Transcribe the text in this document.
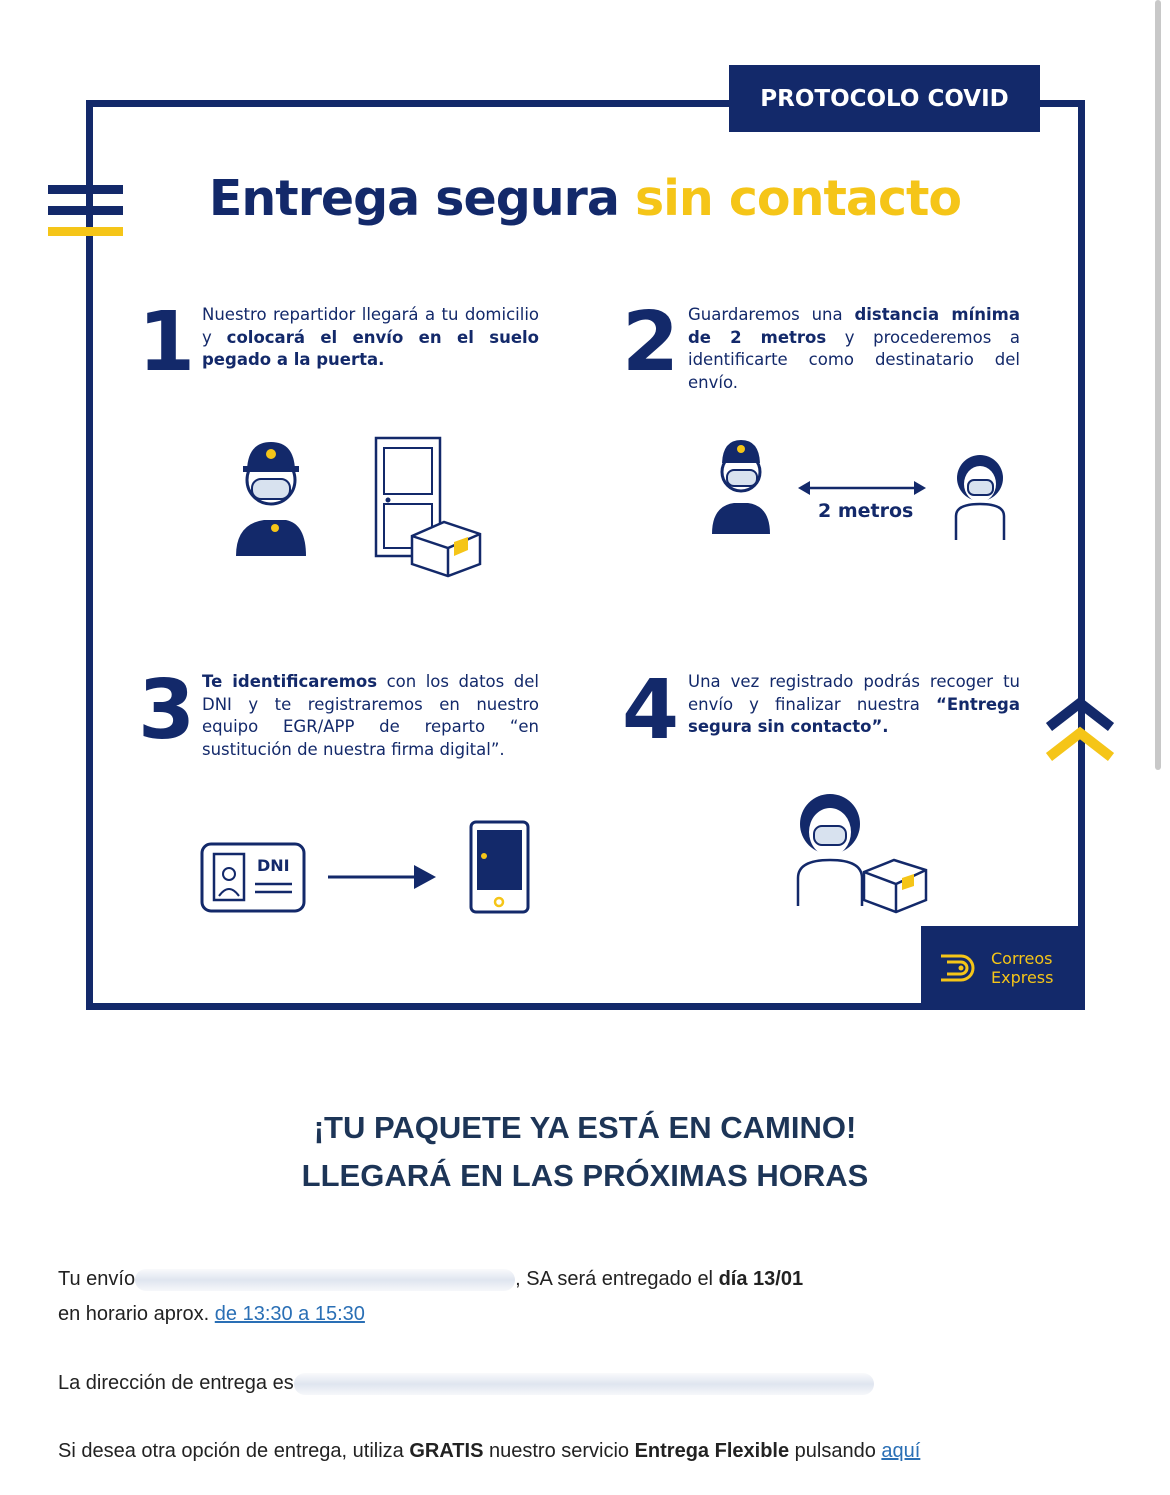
PROTOCOLO COVID
Entrega segura sin contacto
1 Nuestro repartidor llegará a tu domicilio y colocará el envío en el suelo pegado a la puerta.	2 Guardaremos una distancia mínima de 2 metros y procederemos a identificarte como destinatario del envío.
3 Te identificaremos con los datos del DNI y te registraremos en nuestro equipo EGR/APP de reparto “en sustitución de nuestra firma digital”.	4 Una vez registrado podrás recoger tu envío y finalizar nuestra “Entrega segura sin contacto”.
2 metros
DNI
Correos
Express
¡TU PAQUETE YA ESTÁ EN CAMINO!
LLEGARÁ EN LAS PRÓXIMAS HORAS
Tu envío	, SA será entregado el día 13/01
en horario aprox. de 13:30 a 15:30
La dirección de entrega es
Si desea otra opción de entrega, utiliza GRATIS nuestro servicio Entrega Flexible pulsando aquí
